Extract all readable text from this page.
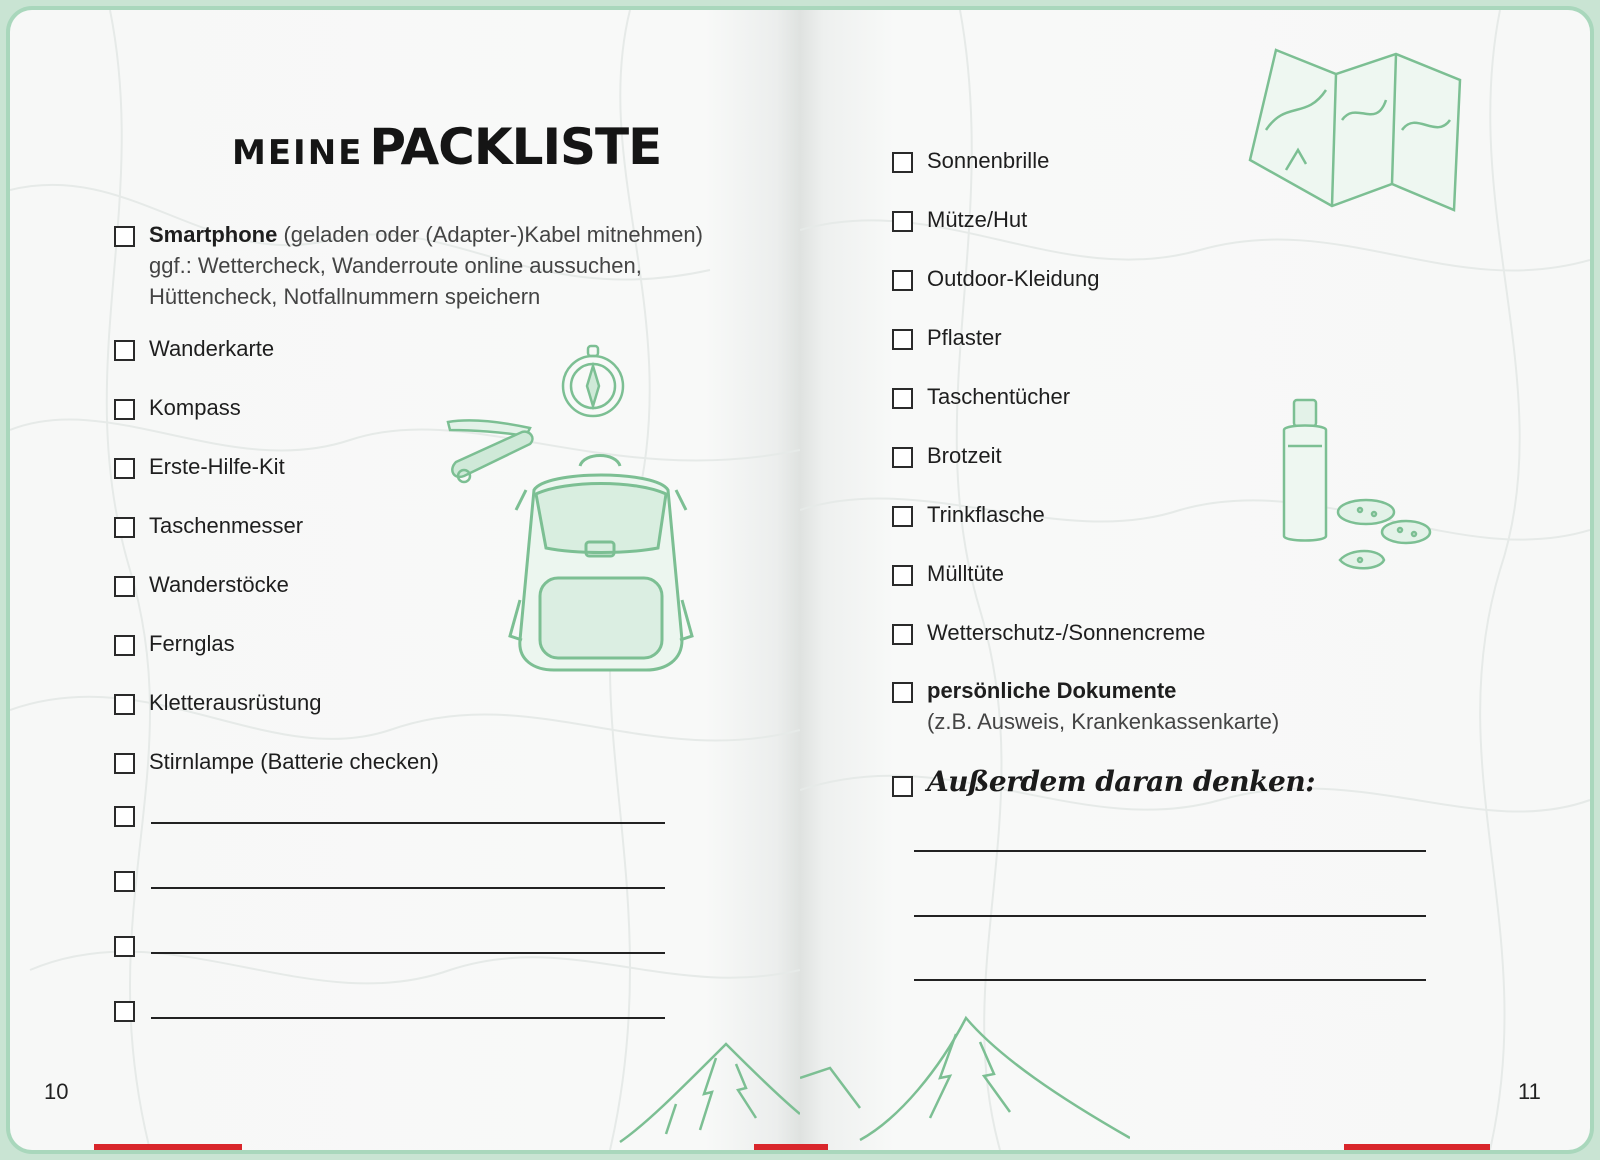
MEINE PACKLISTE
Smartphone (geladen oder (Adapter-)Kabel mitnehmen)
ggf.: Wettercheck, Wanderroute online aussuchen,
Hüttencheck, Notfallnummern speichern
Wanderkarte
Kompass
Erste-Hilfe-Kit
Taschenmesser
Wanderstöcke
Fernglas
Kletterausrüstung
Stirnlampe (Batterie checken)
10
Sonnenbrille
Mütze/Hut
Outdoor-Kleidung
Pflaster
Taschentücher
Brotzeit
Trinkflasche
Mülltüte
Wetterschutz-/Sonnencreme
persönliche Dokumente
(z.B. Ausweis, Krankenkassenkarte)
Außerdem daran denken:
11
